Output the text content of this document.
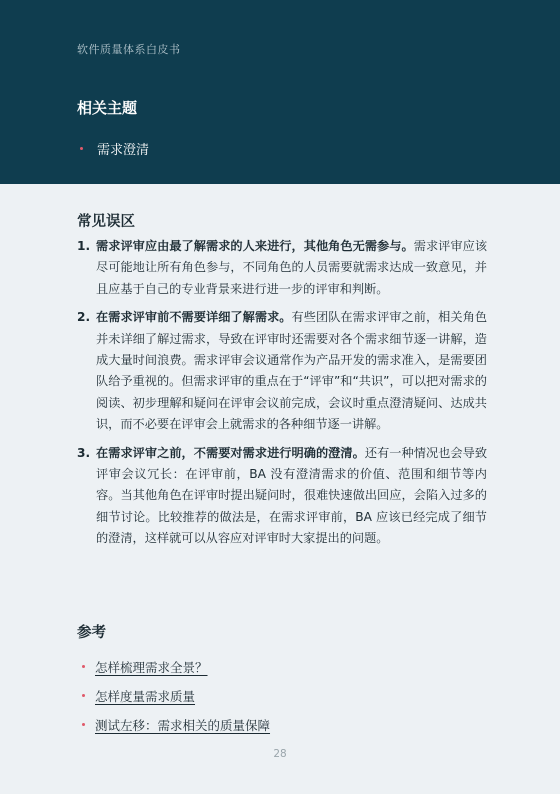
软件质量体系白皮书
相关主题
需求澄清
常见误区
1. 需求评审应由最了解需求的人来进行，其他角色无需参与。需求评审应该尽可能地让所有角色参与，不同角色的人员需要就需求达成一致意见，并且应基于自己的专业背景来进行进一步的评审和判断。
2. 在需求评审前不需要详细了解需求。有些团队在需求评审之前，相关角色并未详细了解过需求，导致在评审时还需要对各个需求细节逐一讲解，造成大量时间浪费。需求评审会议通常作为产品开发的需求准入，是需要团队给予重视的。但需求评审的重点在于“评审”和“共识”，可以把对需求的阅读、初步理解和疑问在评审会议前完成，会议时重点澄清疑问、达成共识，而不必要在评审会上就需求的各种细节逐一讲解。
3. 在需求评审之前，不需要对需求进行明确的澄清。还有一种情况也会导致评审会议冗长：在评审前，BA 没有澄清需求的价值、范围和细节等内容。当其他角色在评审时提出疑问时，很难快速做出回应，会陷入过多的细节讨论。比较推荐的做法是，在需求评审前，BA 应该已经完成了细节的澄清，这样就可以从容应对评审时大家提出的问题。
参考
怎样梳理需求全景？
怎样度量需求质量
测试左移：需求相关的质量保障
28
